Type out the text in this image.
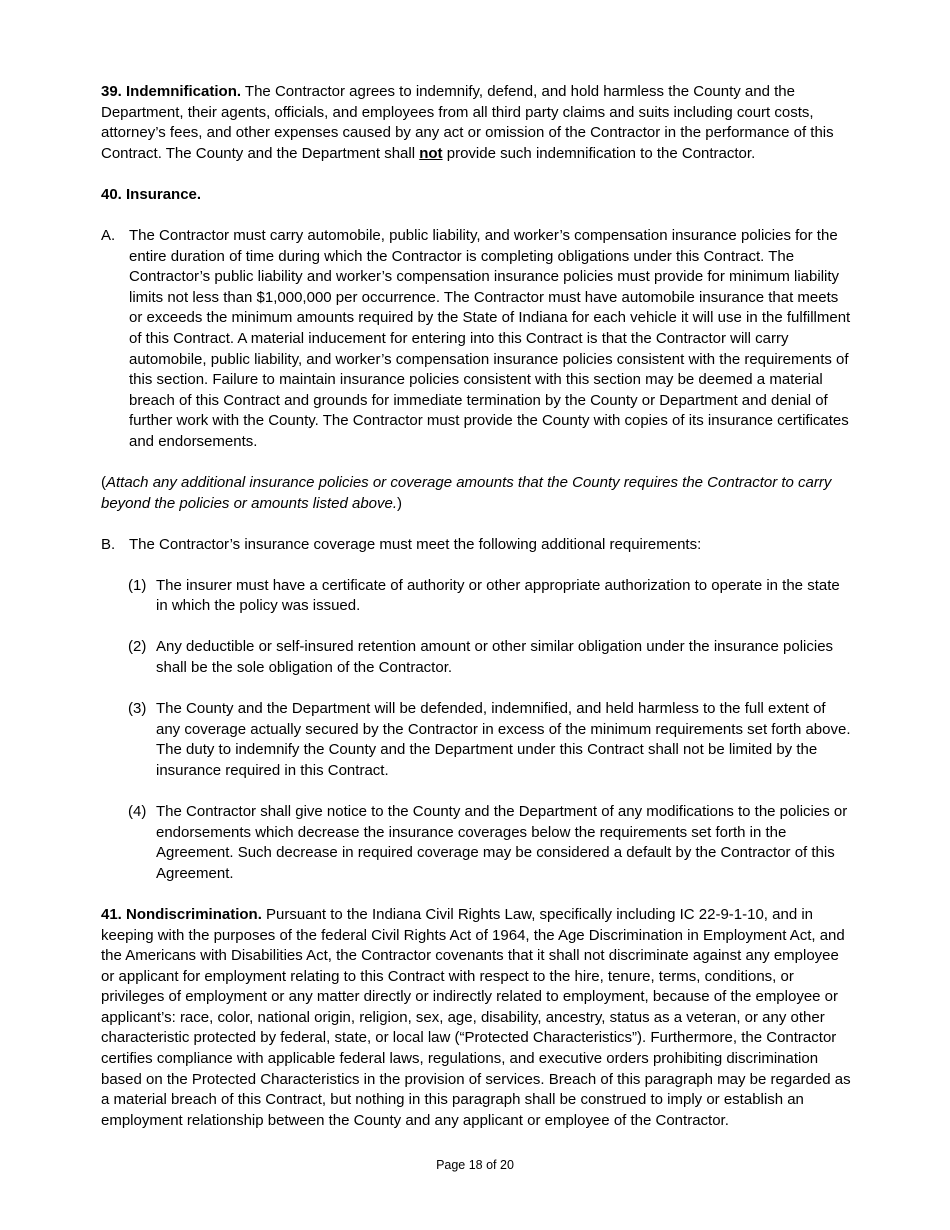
39. Indemnification. The Contractor agrees to indemnify, defend, and hold harmless the County and the Department, their agents, officials, and employees from all third party claims and suits including court costs, attorney’s fees, and other expenses caused by any act or omission of the Contractor in the performance of this Contract. The County and the Department shall not provide such indemnification to the Contractor.

40. Insurance.

A. The Contractor must carry automobile, public liability, and worker’s compensation insurance policies for the entire duration of time during which the Contractor is completing obligations under this Contract. The Contractor’s public liability and worker’s compensation insurance policies must provide for minimum liability limits not less than $1,000,000 per occurrence. The Contractor must have automobile insurance that meets or exceeds the minimum amounts required by the State of Indiana for each vehicle it will use in the fulfillment of this Contract. A material inducement for entering into this Contract is that the Contractor will carry automobile, public liability, and worker’s compensation insurance policies consistent with the requirements of this section. Failure to maintain insurance policies consistent with this section may be deemed a material breach of this Contract and grounds for immediate termination by the County or Department and denial of further work with the County. The Contractor must provide the County with copies of its insurance certificates and endorsements.

(Attach any additional insurance policies or coverage amounts that the County requires the Contractor to carry beyond the policies or amounts listed above.)

B. The Contractor’s insurance coverage must meet the following additional requirements:
(1) The insurer must have a certificate of authority or other appropriate authorization to operate in the state in which the policy was issued.
(2) Any deductible or self-insured retention amount or other similar obligation under the insurance policies shall be the sole obligation of the Contractor.
(3) The County and the Department will be defended, indemnified, and held harmless to the full extent of any coverage actually secured by the Contractor in excess of the minimum requirements set forth above. The duty to indemnify the County and the Department under this Contract shall not be limited by the insurance required in this Contract.
(4) The Contractor shall give notice to the County and the Department of any modifications to the policies or endorsements which decrease the insurance coverages below the requirements set forth in the Agreement. Such decrease in required coverage may be considered a default by the Contractor of this Agreement.

41. Nondiscrimination. Pursuant to the Indiana Civil Rights Law, specifically including IC 22-9-1-10, and in keeping with the purposes of the federal Civil Rights Act of 1964, the Age Discrimination in Employment Act, and the Americans with Disabilities Act, the Contractor covenants that it shall not discriminate against any employee or applicant for employment relating to this Contract with respect to the hire, tenure, terms, conditions, or privileges of employment or any matter directly or indirectly related to employment, because of the employee or applicant’s: race, color, national origin, religion, sex, age, disability, ancestry, status as a veteran, or any other characteristic protected by federal, state, or local law (“Protected Characteristics”). Furthermore, the Contractor certifies compliance with applicable federal laws, regulations, and executive orders prohibiting discrimination based on the Protected Characteristics in the provision of services. Breach of this paragraph may be regarded as a material breach of this Contract, but nothing in this paragraph shall be construed to imply or establish an employment relationship between the County and any applicant or employee of the Contractor.

Page 18 of 20
